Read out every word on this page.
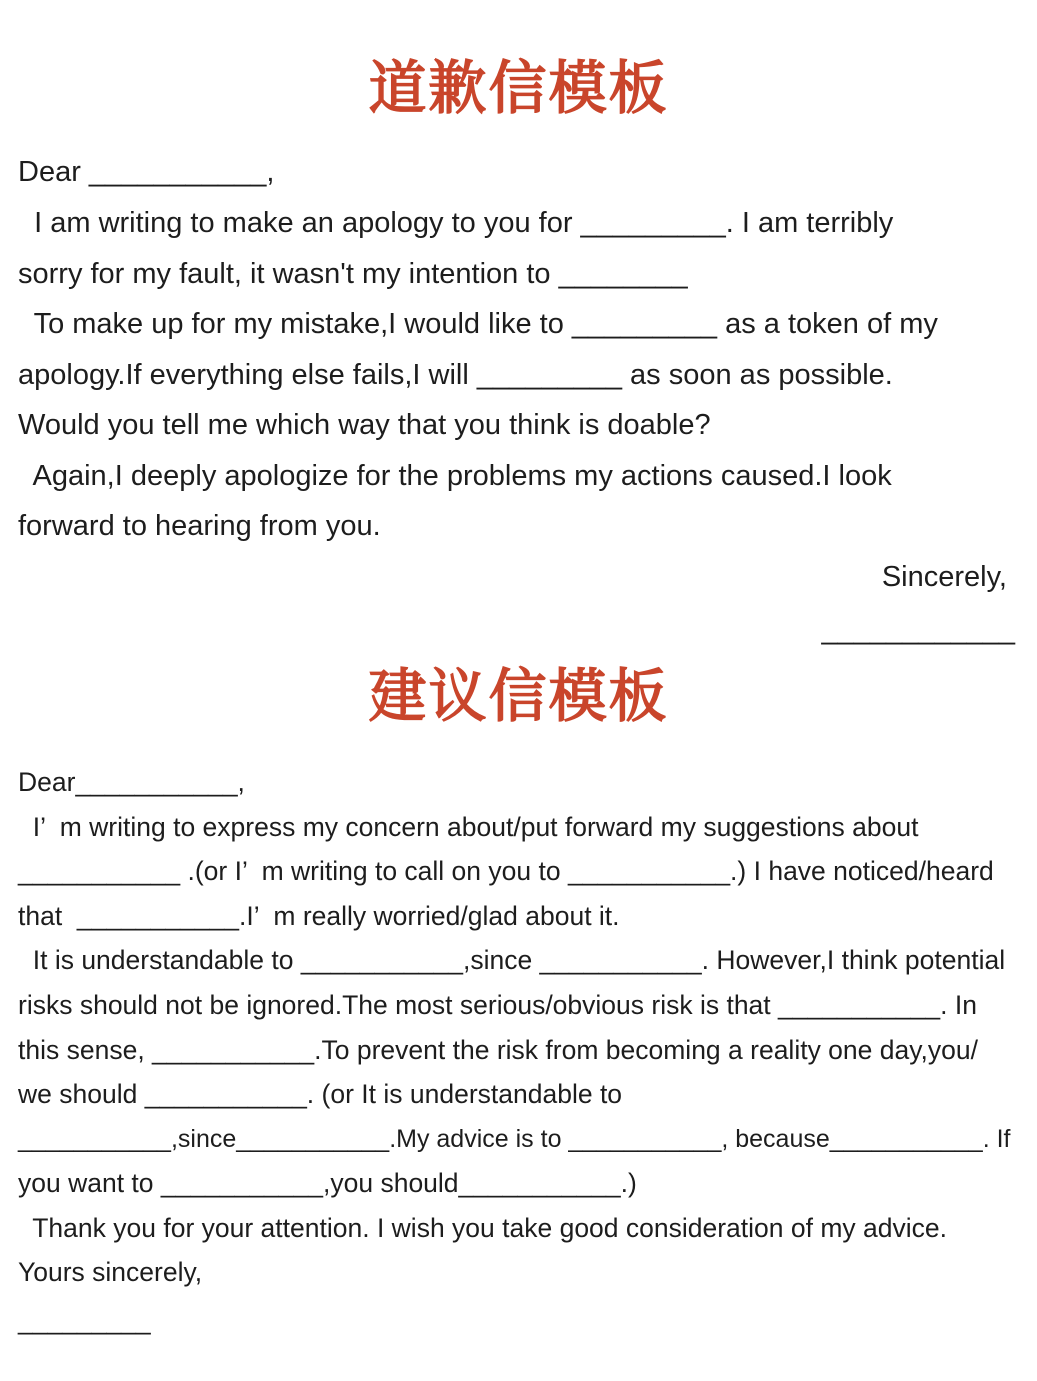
道歉信模板

Dear ___________,

I am writing to make an apology to you for _________. I am terribly

sorry for my fault, it wasn't my intention to ________

To make up for my mistake,I would like to _________ as a token of my

apology.If everything else fails,I will _________ as soon as possible.

Would you tell me which way that you think is doable?

Again,I deeply apologize for the problems my actions caused.I look

forward to hearing from you.

Sincerely,

____________

建议信模板

Dear___________,

I’  m writing to express my concern about/put forward my suggestions about

___________ .(or I’  m writing to call on you to ___________.) I have noticed/heard

that  ___________.I’  m really worried/glad about it.

It is understandable to ___________,since ___________. However,I think potential

risks should not be ignored.The most serious/obvious risk is that ___________. In

this sense, ___________.To prevent the risk from becoming a reality one day,you/

we should ___________. (or It is understandable to

___________,since___________.My advice is to ___________, because___________. If

you want to ___________,you should___________.)

Thank you for your attention. I wish you take good consideration of my advice.

Yours sincerely,

_________
